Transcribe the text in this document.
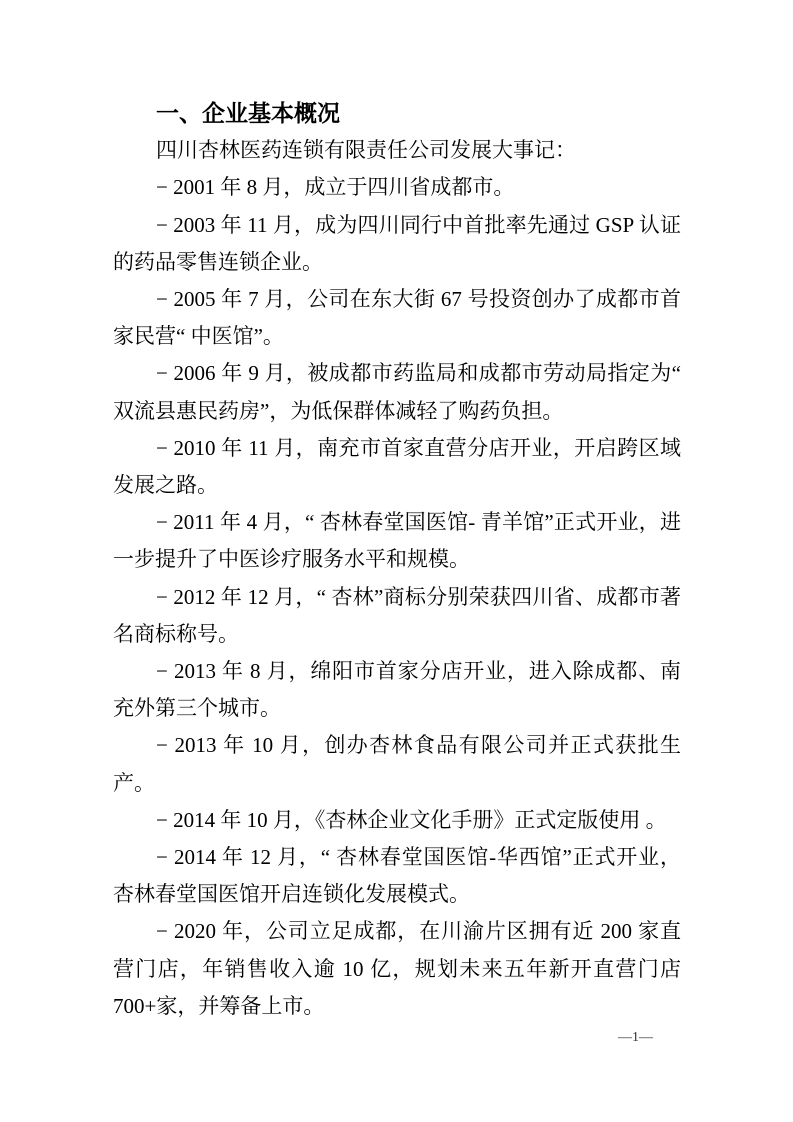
一、企业基本概况

四川杏林医药连锁有限责任公司发展大事记：

− 2001 年 8 月，成立于四川省成都市。

− 2003 年 11 月，成为四川同行中首批率先通过 GSP 认证的药品零售连锁企业。

− 2005 年 7 月，公司在东大街 67 号投资创办了成都市首家民营“ 中医馆”。

− 2006 年 9 月，被成都市药监局和成都市劳动局指定为“ 双流县惠民药房”，为低保群体减轻了购药负担。

− 2010 年 11 月，南充市首家直营分店开业，开启跨区域发展之路。

− 2011 年 4 月，“ 杏林春堂国医馆- 青羊馆”正式开业，进一步提升了中医诊疗服务水平和规模。

− 2012 年 12 月，“ 杏林”商标分别荣获四川省、成都市著名商标称号。

− 2013 年 8 月，绵阳市首家分店开业，进入除成都、南充外第三个城市。

− 2013 年 10 月，创办杏林食品有限公司并正式获批生产。

− 2014 年 10 月，《杏林企业文化手册》正式定版使用 。

− 2014 年 12 月，“ 杏林春堂国医馆-华西馆”正式开业，杏林春堂国医馆开启连锁化发展模式。

− 2020 年，公司立足成都，在川渝片区拥有近 200 家直营门店，年销售收入逾 10 亿，规划未来五年新开直营门店 700+家，并筹备上市。

—1—
